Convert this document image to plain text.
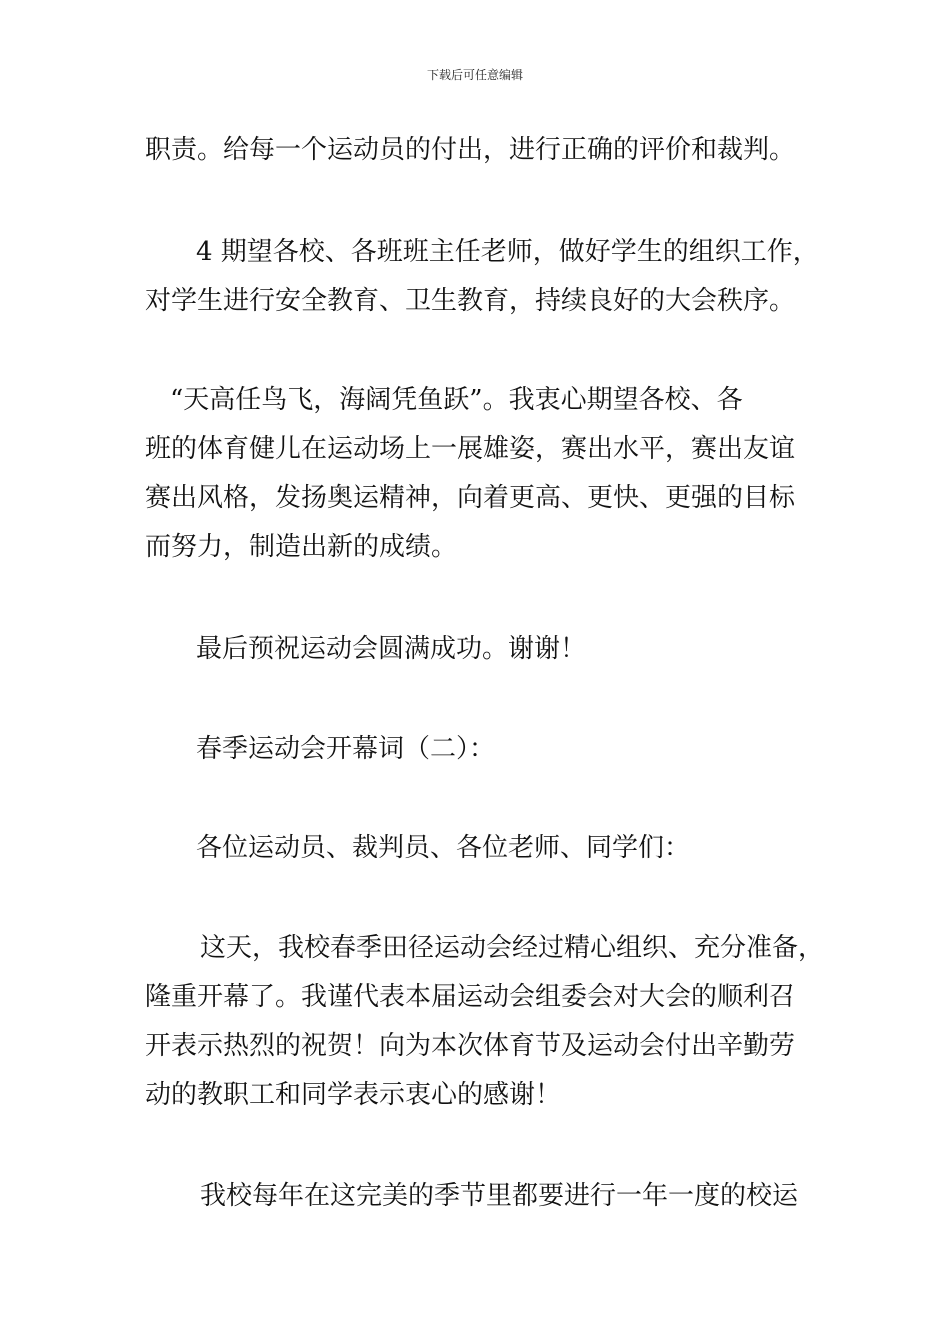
下载后可任意编辑
职责。给每一个运动员的付出，进行正确的评价和裁判。
4 期望各校、各班班主任老师，做好学生的组织工作，
对学生进行安全教育、卫生教育，持续良好的大会秩序。
“天高任鸟飞，海阔凭鱼跃”。我衷心期望各校、各
班的体育健儿在运动场上一展雄姿，赛出水平，赛出友谊
赛出风格，发扬奥运精神，向着更高、更快、更强的目标
而努力，制造出新的成绩。
最后预祝运动会圆满成功。谢谢！
春季运动会开幕词（二）：
各位运动员、裁判员、各位老师、同学们：
这天，我校春季田径运动会经过精心组织、充分准备，
隆重开幕了。我谨代表本届运动会组委会对大会的顺利召
开表示热烈的祝贺！向为本次体育节及运动会付出辛勤劳
动的教职工和同学表示衷心的感谢！
我校每年在这完美的季节里都要进行一年一度的校运
